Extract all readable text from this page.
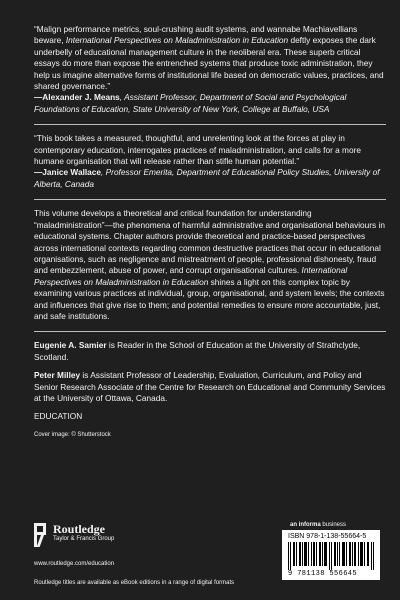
“Malign performance metrics, soul-crushing audit systems, and wannabe Machiavellians beware, International Perspectives on Maladministration in Education deftly exposes the dark underbelly of educational management culture in the neoliberal era. These superb critical essays do more than expose the entrenched systems that produce toxic administration, they help us imagine alternative forms of institutional life based on democratic values, practices, and shared governance.”

—Alexander J. Means, Assistant Professor, Department of Social and Psychological Foundations of Education, State University of New York, College at Buffalo, USA

“This book takes a measured, thoughtful, and unrelenting look at the forces at play in contemporary education, interrogates practices of maladministration, and calls for a more humane organisation that will release rather than stifle human potential.”

—Janice Wallace, Professor Emerita, Department of Educational Policy Studies, University of Alberta, Canada

This volume develops a theoretical and critical foundation for understanding “maladministration”—the phenomena of harmful administrative and organisational behaviours in educational systems. Chapter authors provide theoretical and practice-based perspectives across international contexts regarding common destructive practices that occur in educational organisations, such as negligence and mistreatment of people, professional dishonesty, fraud and embezzlement, abuse of power, and corrupt organisational cultures. International Perspectives on Maladministration in Education shines a light on this complex topic by examining various practices at individual, group, organisational, and system levels; the contexts and influences that give rise to them; and potential remedies to ensure more accountable, just, and safe institutions.

Eugenie A. Samier is Reader in the School of Education at the University of Strathclyde, Scotland.

Peter Milley is Assistant Professor of Leadership, Evaluation, Curriculum, and Policy and Senior Research Associate of the Centre for Research on Educational and Community Services at the University of Ottawa, Canada.

EDUCATION

Cover image: © Shutterstock

Routledge
Taylor & Francis Group
www.routledge.com/education
Routledge titles are available as eBook editions in a range of digital formats
an informa business
ISBN 978-1-138-55664-5
9 781138 556645
